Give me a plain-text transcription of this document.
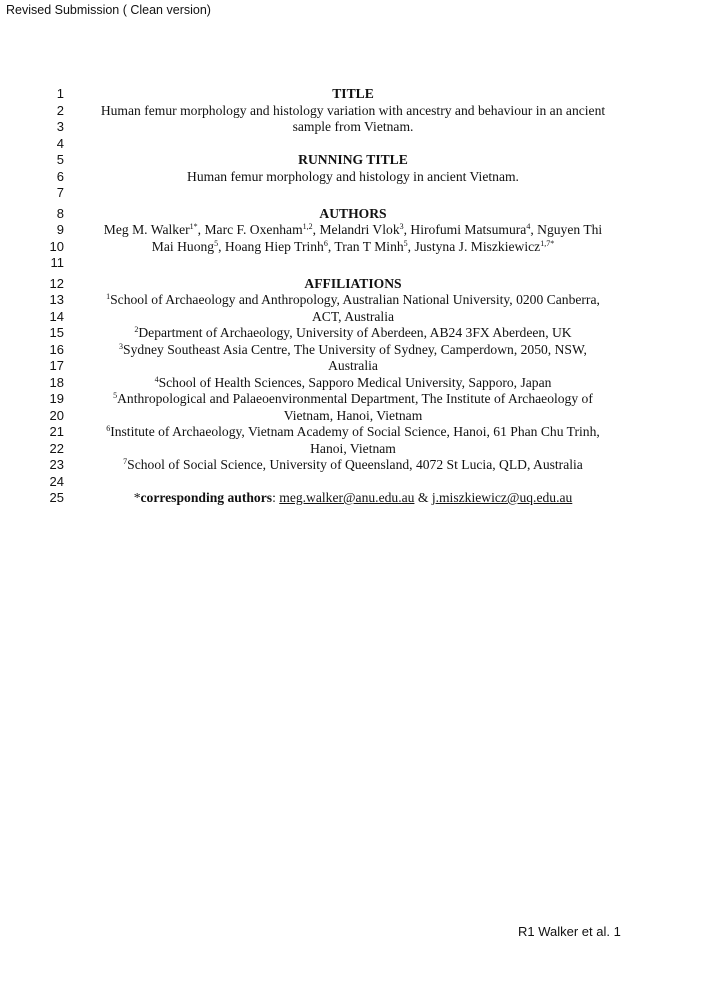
Revised Submission ( Clean version)
1	TITLE
2	Human femur morphology and histology variation with ancestry and behaviour in an ancient
3	sample from Vietnam.
4
5	RUNNING TITLE
6	Human femur morphology and histology in ancient Vietnam.
7
8	AUTHORS
9	Meg M. Walker$^{1*}$, Marc F. Oxenham$^{1,2}$, Melandri Vlok$^3$, Hirofumi Matsumura$^4$, Nguyen Thi
10	Mai Huong$^5$, Hoang Hiep Trinh$^6$, Tran T Minh$^5$, Justyna J. Miszkiewicz$^{1,7*}$
11
12	AFFILIATIONS
13	$^1$School of Archaeology and Anthropology, Australian National University, 0200 Canberra,
14	ACT, Australia
15	$^2$Department of Archaeology, University of Aberdeen, AB24 3FX Aberdeen, UK
16	$^3$Sydney Southeast Asia Centre, The University of Sydney, Camperdown, 2050, NSW,
17	Australia
18	$^4$School of Health Sciences, Sapporo Medical University, Sapporo, Japan
19	$^5$Anthropological and Palaeoenvironmental Department, The Institute of Archaeology of
20	Vietnam, Hanoi, Vietnam
21	$^6$Institute of Archaeology, Vietnam Academy of Social Science, Hanoi, 61 Phan Chu Trinh,
22	Hanoi, Vietnam
23	$^7$School of Social Science, University of Queensland, 4072 St Lucia, QLD, Australia
24
25	*corresponding authors: meg.walker@anu.edu.au & j.miszkiewicz@uq.edu.au
R1 Walker et al. 1
